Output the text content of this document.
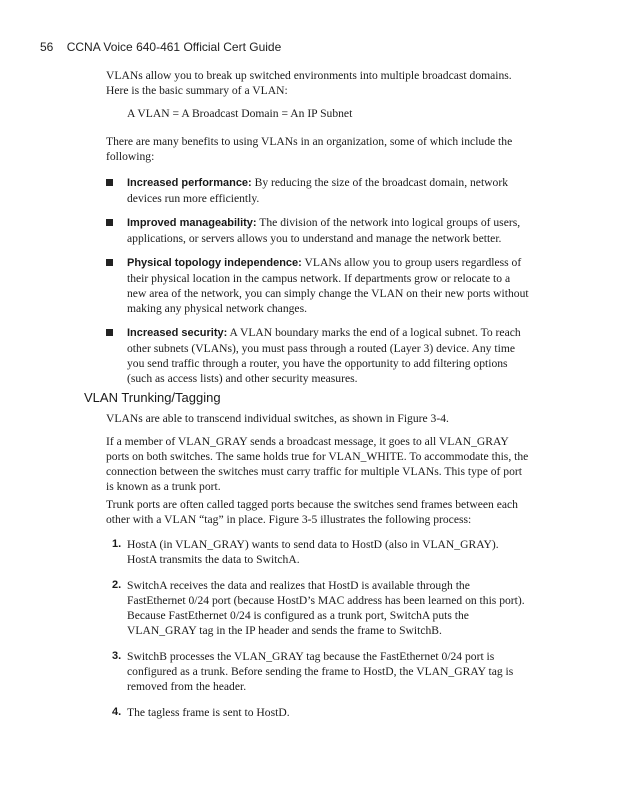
56 CCNA Voice 640-461 Official Cert Guide

VLANs allow you to break up switched environments into multiple broadcast domains. Here is the basic summary of a VLAN:

A VLAN = A Broadcast Domain = An IP Subnet

There are many benefits to using VLANs in an organization, some of which include the following:

Increased performance: By reducing the size of the broadcast domain, network devices run more efficiently.
Improved manageability: The division of the network into logical groups of users, applications, or servers allows you to understand and manage the network better.
Physical topology independence: VLANs allow you to group users regardless of their physical location in the campus network. If departments grow or relocate to a new area of the network, you can simply change the VLAN on their new ports without making any physical network changes.
Increased security: A VLAN boundary marks the end of a logical subnet. To reach other subnets (VLANs), you must pass through a routed (Layer 3) device. Any time you send traffic through a router, you have the opportunity to add filtering options (such as access lists) and other security measures.
VLAN Trunking/Tagging

VLANs are able to transcend individual switches, as shown in Figure 3-4.

If a member of VLAN_GRAY sends a broadcast message, it goes to all VLAN_GRAY ports on both switches. The same holds true for VLAN_WHITE. To accommodate this, the connection between the switches must carry traffic for multiple VLANs. This type of port is known as a trunk port.

Trunk ports are often called tagged ports because the switches send frames between each other with a VLAN “tag” in place. Figure 3-5 illustrates the following process:

1. HostA (in VLAN_GRAY) wants to send data to HostD (also in VLAN_GRAY). HostA transmits the data to SwitchA.
2. SwitchA receives the data and realizes that HostD is available through the FastEthernet 0/24 port (because HostD’s MAC address has been learned on this port). Because FastEthernet 0/24 is configured as a trunk port, SwitchA puts the VLAN_GRAY tag in the IP header and sends the frame to SwitchB.
3. SwitchB processes the VLAN_GRAY tag because the FastEthernet 0/24 port is configured as a trunk. Before sending the frame to HostD, the VLAN_GRAY tag is removed from the header.
4. The tagless frame is sent to HostD.
